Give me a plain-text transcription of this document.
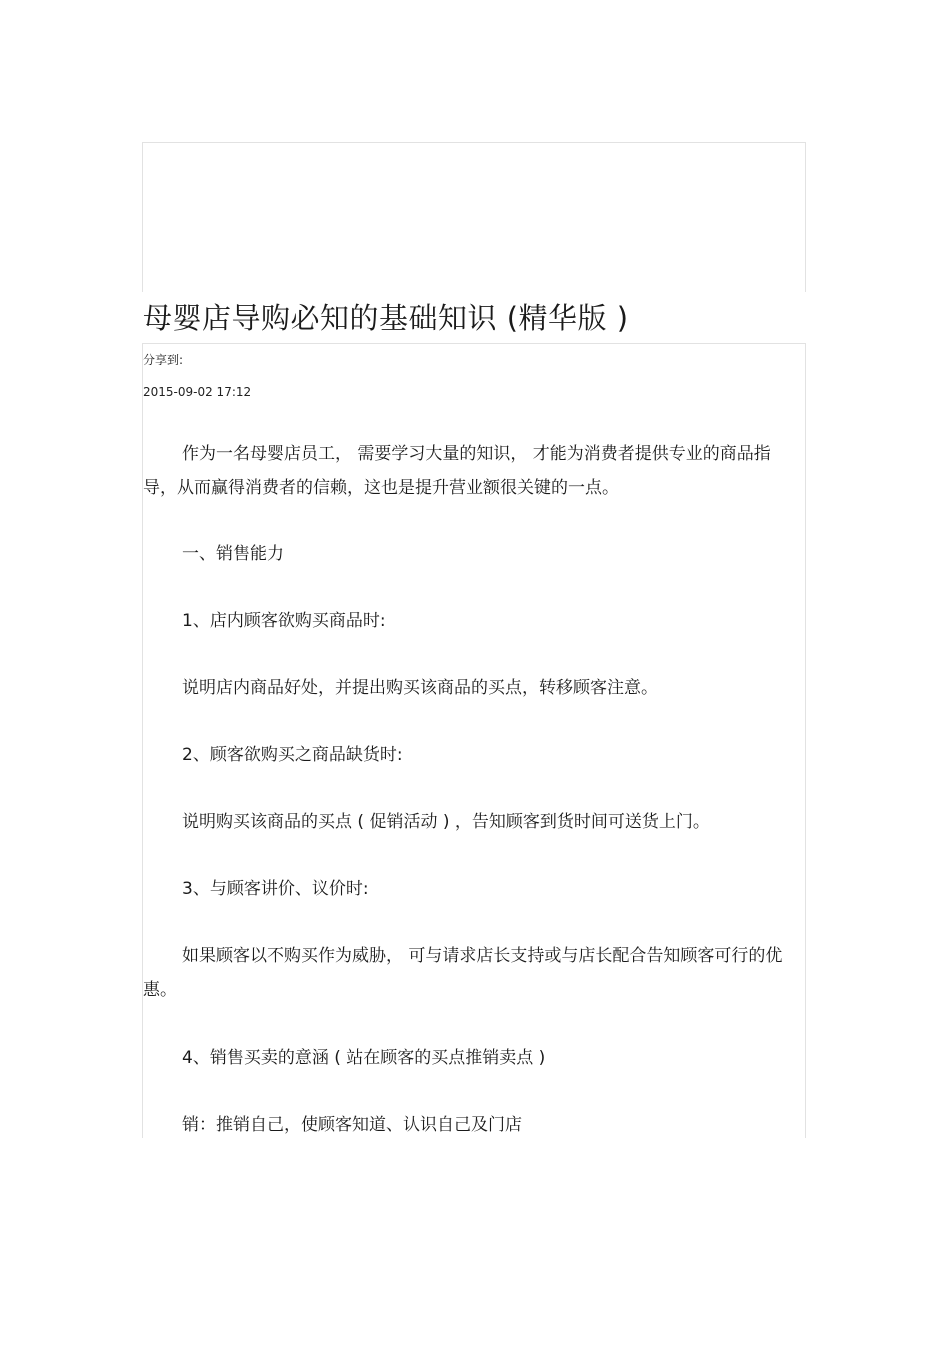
母婴店导购必知的基础知识 (精华版 )
分享到:
2015-09-02 17:12

作为一名母婴店员工， 需要学习大量的知识， 才能为消费者提供专业的商品指导，从而赢得消费者的信赖，这也是提升营业额很关键的一点。

一、销售能力

1、店内顾客欲购买商品时:

说明店内商品好处，并提出购买该商品的买点，转移顾客注意。

2、顾客欲购买之商品缺货时:

说明购买该商品的买点 ( 促销活动 ) ，告知顾客到货时间可送货上门。

3、与顾客讲价、议价时:

如果顾客以不购买作为威胁， 可与请求店长支持或与店长配合告知顾客可行的优惠。

4、销售买卖的意涵 ( 站在顾客的买点推销卖点 )

销：推销自己，使顾客知道、认识自己及门店
